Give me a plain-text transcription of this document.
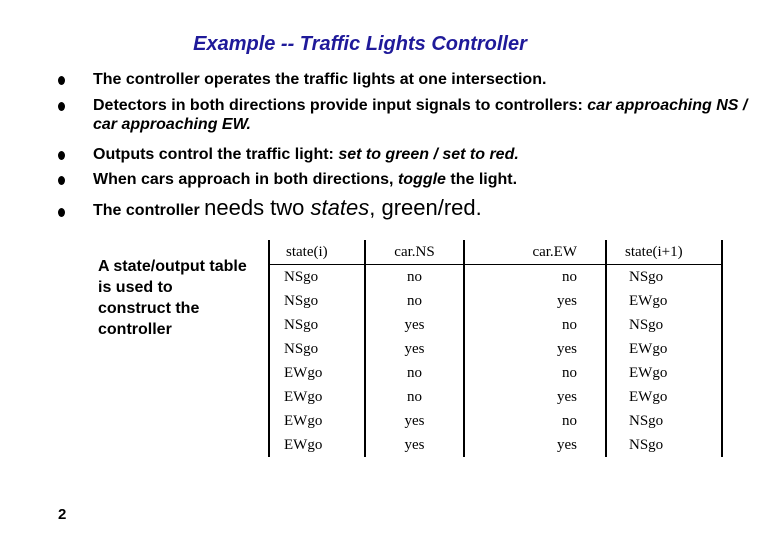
Example -- Traffic Lights Controller
The controller operates the traffic lights at one intersection.
Detectors in both directions provide input signals to controllers: car approaching NS / car approaching EW.
Outputs control the traffic light: set to green / set to red.
When cars approach in both directions, toggle the light.
The controller needs two states, green/red.
A state/output table is used to construct the controller
state(i)	car.NS	car.EW	state(i+1)
NSgo	no	no	NSgo
NSgo	no	yes	EWgo
NSgo	yes	no	NSgo
NSgo	yes	yes	EWgo
EWgo	no	no	EWgo
EWgo	no	yes	EWgo
EWgo	yes	no	NSgo
EWgo	yes	yes	NSgo
2
